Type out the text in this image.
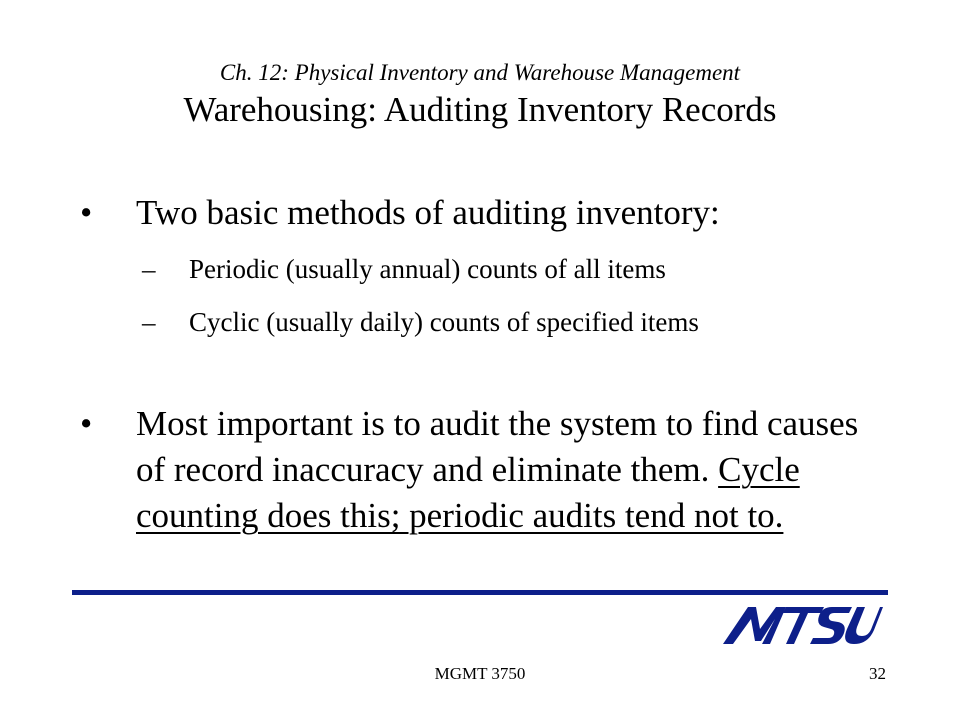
Ch. 12: Physical Inventory and Warehouse Management
Warehousing: Auditing Inventory Records
•	Two basic methods of auditing inventory:
– Periodic (usually annual) counts of all items
– Cyclic (usually daily) counts of specified items
•	Most important is to audit the system to find causes of record inaccuracy and eliminate them. Cycle counting does this; periodic audits tend not to.
MGMT 3750	32
